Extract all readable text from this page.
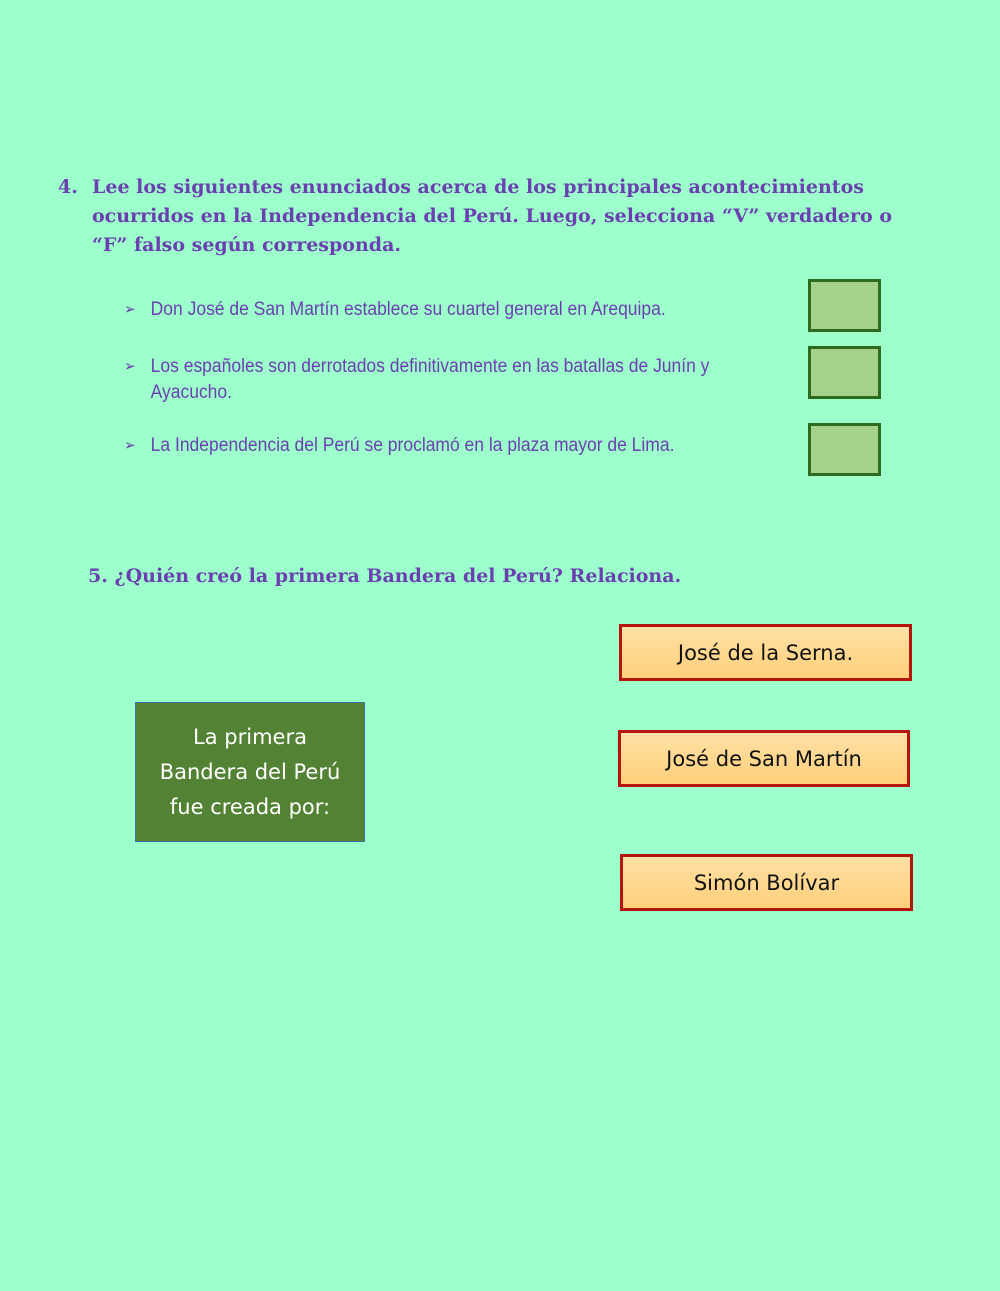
4. Lee los siguientes enunciados acerca de los principales acontecimientos ocurridos en la Independencia del Perú. Luego, selecciona “V” verdadero o “F” falso según corresponda.
➢ Don José de San Martín establece su cuartel general en Arequipa.
➢ Los españoles son derrotados definitivamente en las batallas de Junín y Ayacucho.
➢ La Independencia del Perú se proclamó en la plaza mayor de Lima.
5. ¿Quién creó la primera Bandera del Perú? Relaciona.
La primera Bandera del Perú fue creada por:
José de la Serna.
José de San Martín
Simón Bolívar
